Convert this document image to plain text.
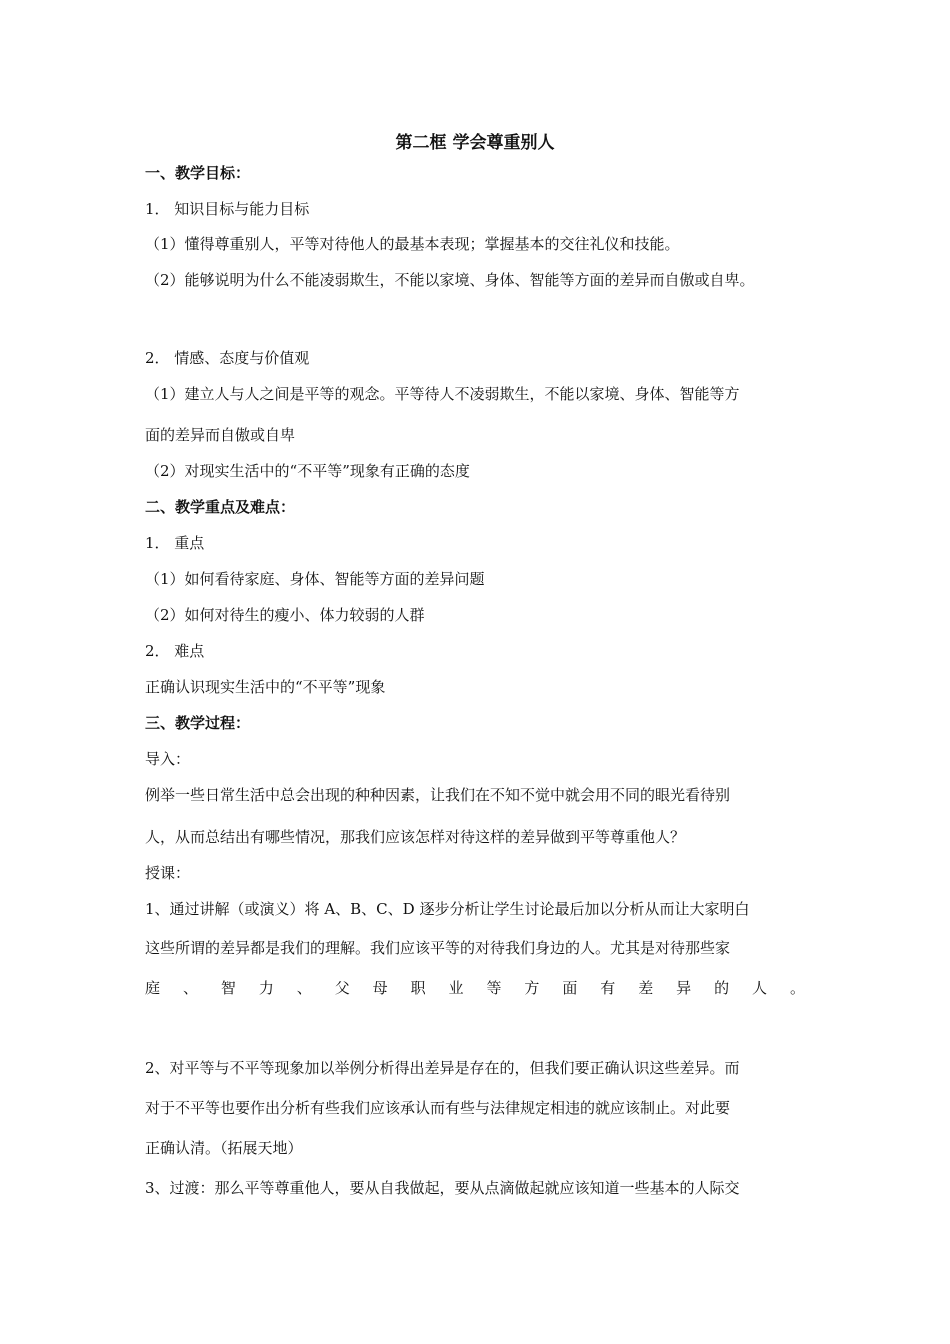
第二框 学会尊重别人
一、教学目标：
1． 知识目标与能力目标
（1）懂得尊重别人，平等对待他人的最基本表现；掌握基本的交往礼仪和技能。
（2）能够说明为什么不能凌弱欺生，不能以家境、身体、智能等方面的差异而自傲或自卑。
2． 情感、态度与价值观
（1）建立人与人之间是平等的观念。平等待人不凌弱欺生，不能以家境、身体、智能等方
面的差异而自傲或自卑
（2）对现实生活中的“不平等”现象有正确的态度
二、教学重点及难点：
1． 重点
（1）如何看待家庭、身体、智能等方面的差异问题
（2）如何对待生的瘦小、体力较弱的人群
2． 难点
正确认识现实生活中的“不平等”现象
三、教学过程：
导入：
例举一些日常生活中总会出现的种种因素，让我们在不知不觉中就会用不同的眼光看待别
人，从而总结出有哪些情况，那我们应该怎样对待这样的差异做到平等尊重他人？
授课：
1、通过讲解（或演义）将 A、B、C、D 逐步分析让学生讨论最后加以分析从而让大家明白
这些所谓的差异都是我们的理解。我们应该平等的对待我们身边的人。尤其是对待那些家
庭 、 智 力 、 父 母 职 业 等 方 面 有 差 异 的 人 。
2、对平等与不平等现象加以举例分析得出差异是存在的，但我们要正确认识这些差异。而
对于不平等也要作出分析有些我们应该承认而有些与法律规定相违的就应该制止。对此要
正确认清。（拓展天地）
3、过渡：那么平等尊重他人，要从自我做起，要从点滴做起就应该知道一些基本的人际交
